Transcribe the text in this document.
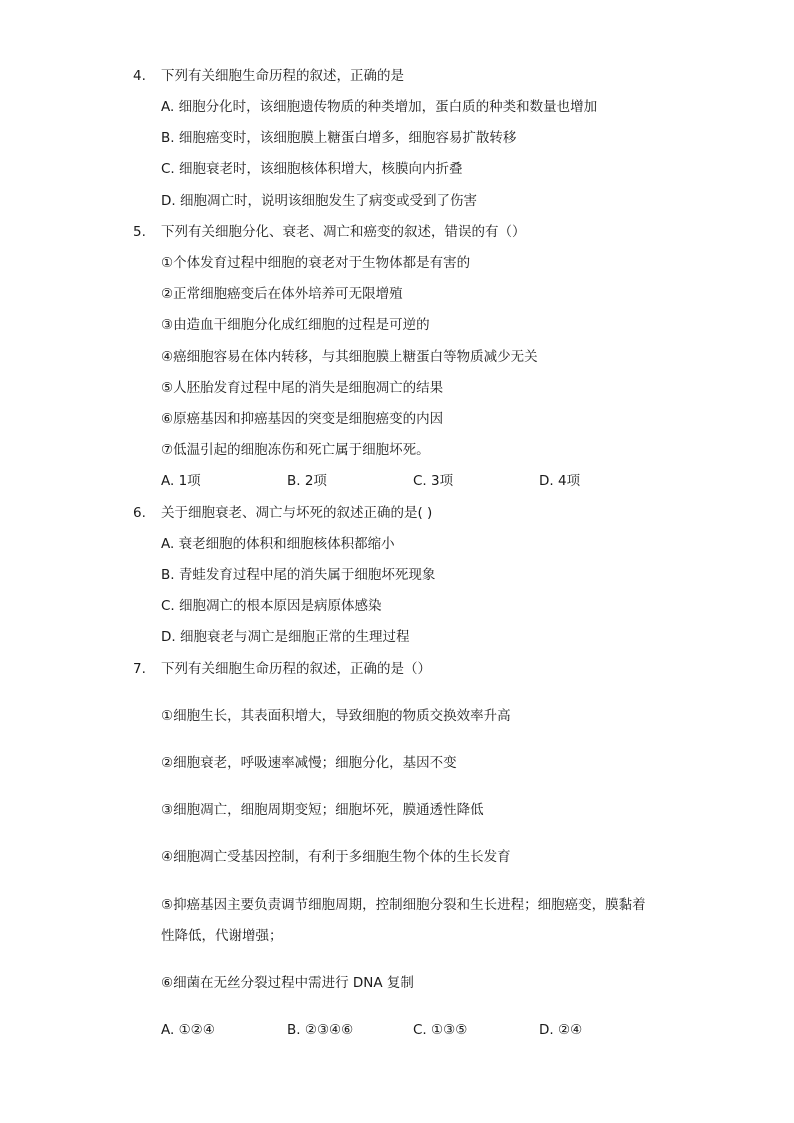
4. 下列有关细胞生命历程的叙述，正确的是
A. 细胞分化时，该细胞遗传物质的种类增加，蛋白质的种类和数量也增加
B. 细胞癌变时，该细胞膜上糖蛋白增多，细胞容易扩散转移
C. 细胞衰老时，该细胞核体积增大，核膜向内折叠
D. 细胞凋亡时，说明该细胞发生了病变或受到了伤害
5. 下列有关细胞分化、衰老、凋亡和癌变的叙述，错误的有（）
①个体发育过程中细胞的衰老对于生物体都是有害的
②正常细胞癌变后在体外培养可无限增殖
③由造血干细胞分化成红细胞的过程是可逆的
④癌细胞容易在体内转移，与其细胞膜上糖蛋白等物质减少无关
⑤人胚胎发育过程中尾的消失是细胞凋亡的结果
⑥原癌基因和抑癌基因的突变是细胞癌变的内因
⑦低温引起的细胞冻伤和死亡属于细胞坏死。
A. 1项	B. 2项	C. 3项	D. 4项
6. 关于细胞衰老、凋亡与坏死的叙述正确的是( )
A. 衰老细胞的体积和细胞核体积都缩小
B. 青蛙发育过程中尾的消失属于细胞坏死现象
C. 细胞凋亡的根本原因是病原体感染
D. 细胞衰老与凋亡是细胞正常的生理过程
7. 下列有关细胞生命历程的叙述，正确的是（）
①细胞生长，其表面积增大，导致细胞的物质交换效率升高
②细胞衰老，呼吸速率减慢；细胞分化，基因不变
③细胞凋亡，细胞周期变短；细胞坏死，膜通透性降低
④细胞凋亡受基因控制，有利于多细胞生物个体的生长发育
⑤抑癌基因主要负责调节细胞周期，控制细胞分裂和生长进程；细胞癌变，膜黏着
性降低，代谢增强；
⑥细菌在无丝分裂过程中需进行 DNA 复制
A. ①②④	B. ②③④⑥	C. ①③⑤	D. ②④
